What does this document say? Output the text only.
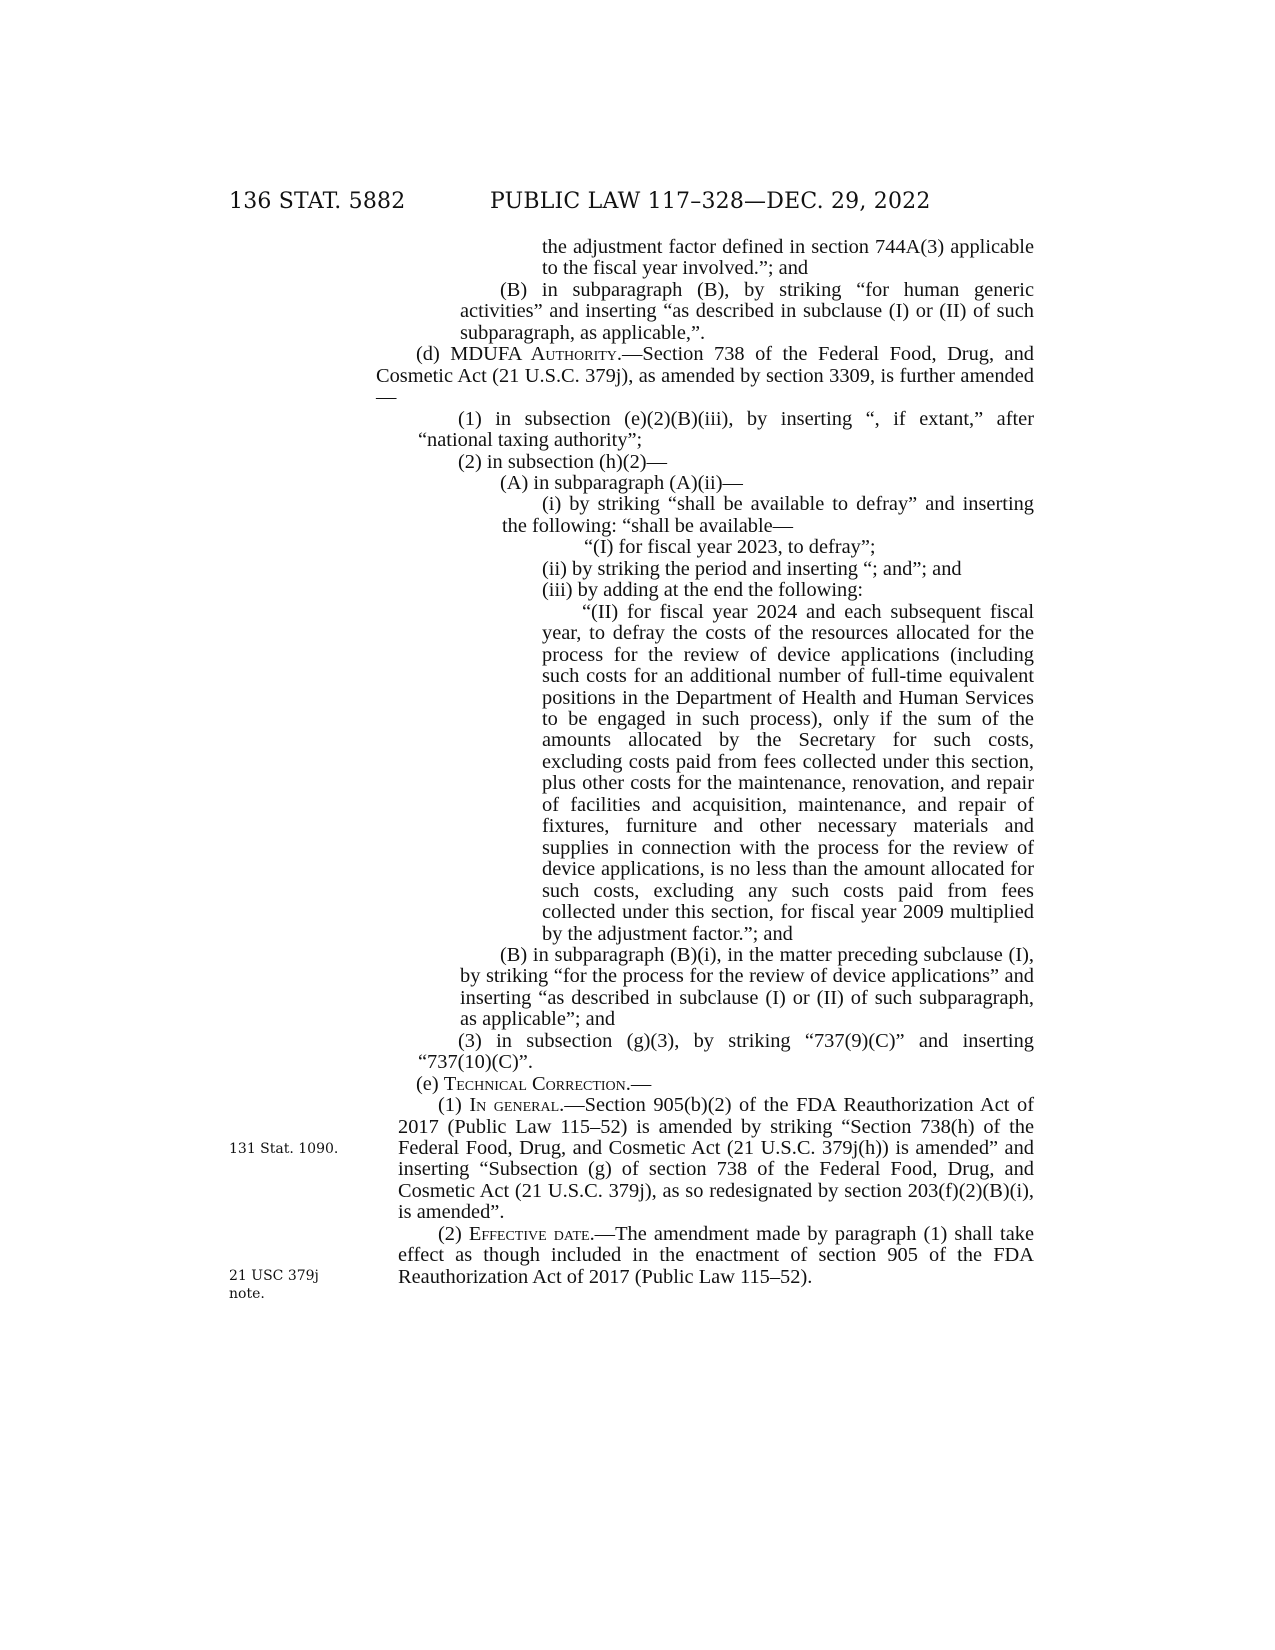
136 STAT. 5882	PUBLIC LAW 117–328—DEC. 29, 2022
131 Stat. 1090.
21 USC 379j
note.

the adjustment factor defined in section 744A(3) applicable to the fiscal year involved.”; and

(B) in subparagraph (B), by striking “for human generic activities” and inserting “as described in subclause (I) or (II) of such subparagraph, as applicable,”.

(d) MDUFA Authority.—Section 738 of the Federal Food, Drug, and Cosmetic Act (21 U.S.C. 379j), as amended by section 3309, is further amended—

(1) in subsection (e)(2)(B)(iii), by inserting “, if extant,” after “national taxing authority”;

(2) in subsection (h)(2)—

(A) in subparagraph (A)(ii)—

(i) by striking “shall be available to defray” and inserting the following: “shall be available—

“(I) for fiscal year 2023, to defray”;

(ii) by striking the period and inserting “; and”; and

(iii) by adding at the end the following:

“(II) for fiscal year 2024 and each subsequent fiscal year, to defray the costs of the resources allocated for the process for the review of device applications (including such costs for an additional number of full-time equivalent positions in the Department of Health and Human Services to be engaged in such process), only if the sum of the amounts allocated by the Secretary for such costs, excluding costs paid from fees collected under this section, plus other costs for the maintenance, renovation, and repair of facilities and acquisition, maintenance, and repair of fixtures, furniture and other necessary materials and supplies in connection with the process for the review of device applications, is no less than the amount allocated for such costs, excluding any such costs paid from fees collected under this section, for fiscal year 2009 multiplied by the adjustment factor.”; and

(B) in subparagraph (B)(i), in the matter preceding subclause (I), by striking “for the process for the review of device applications” and inserting “as described in subclause (I) or (II) of such subparagraph, as applicable”; and

(3) in subsection (g)(3), by striking “737(9)(C)” and inserting “737(10)(C)”.

(e) Technical Correction.—

(1) In general.—Section 905(b)(2) of the FDA Reauthorization Act of 2017 (Public Law 115–52) is amended by striking “Section 738(h) of the Federal Food, Drug, and Cosmetic Act (21 U.S.C. 379j(h)) is amended” and inserting “Subsection (g) of section 738 of the Federal Food, Drug, and Cosmetic Act (21 U.S.C. 379j), as so redesignated by section 203(f)(2)(B)(i), is amended”.

(2) Effective date.—The amendment made by paragraph (1) shall take effect as though included in the enactment of section 905 of the FDA Reauthorization Act of 2017 (Public Law 115–52).
